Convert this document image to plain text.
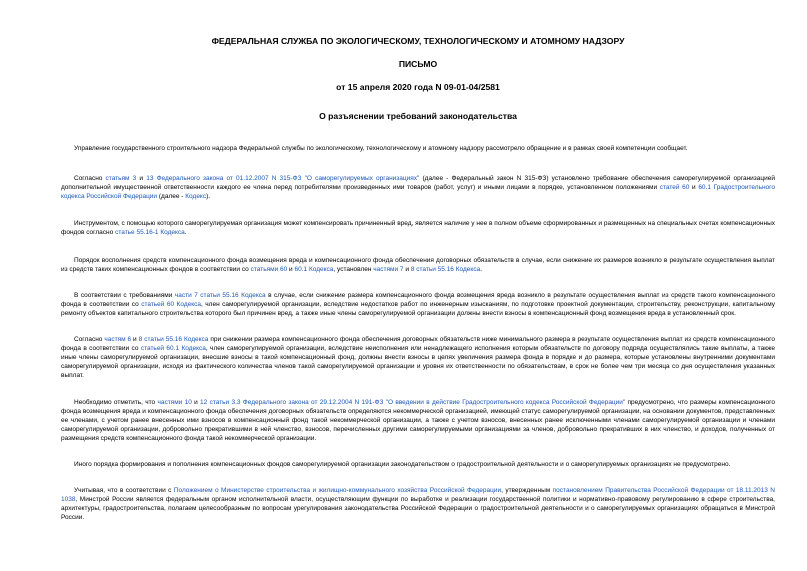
ФЕДЕРАЛЬНАЯ СЛУЖБА ПО ЭКОЛОГИЧЕСКОМУ, ТЕХНОЛОГИЧЕСКОМУ И АТОМНОМУ НАДЗОРУ
ПИСЬМО
от 15 апреля 2020 года N 09-01-04/2581
О разъяснении требований законодательства

Управление государственного строительного надзора Федеральной службы по экологическому, технологическому и атомному надзору рассмотрело обращение и в рамках своей компетенции сообщает.

Согласно статьям 3 и 13 Федерального закона от 01.12.2007 N 315-ФЗ "О саморегулируемых организациях" (далее - Федеральный закон N 315-ФЗ) установлено требование обеспечения саморегулируемой организацией дополнительной имущественной ответственности каждого ее члена перед потребителями произведенных ими товаров (работ, услуг) и иными лицами в порядке, установленном положениями статей 60 и 60.1 Градостроительного кодекса Российской Федерации (далее - Кодекс).

Инструментом, с помощью которого саморегулируемая организация может компенсировать причиненный вред, является наличие у нее в полном объеме сформированных и размещенных на специальных счетах компенсационных фондов согласно статье 55.16-1 Кодекса.

Порядок восполнения средств компенсационного фонда возмещения вреда и компенсационного фонда обеспечения договорных обязательств в случае, если снижение их размеров возникло в результате осуществления выплат из средств таких компенсационных фондов в соответствии со статьями 60 и 60.1 Кодекса, установлен частями 7 и 8 статьи 55.16 Кодекса.

В соответствии с требованиями части 7 статьи 55.16 Кодекса в случае, если снижение размера компенсационного фонда возмещения вреда возникло в результате осуществления выплат из средств такого компенсационного фонда в соответствии со статьей 60 Кодекса, член саморегулируемой организации, вследствие недостатков работ по инженерным изысканиям, по подготовке проектной документации, строительству, реконструкции, капитальному ремонту объектов капитального строительства которого был причинен вред, а также иные члены саморегулируемой организации должны внести взносы в компенсационный фонд возмещения вреда в установленный срок.

Согласно частям 6 и 8 статьи 55.16 Кодекса при снижении размера компенсационного фонда обеспечения договорных обязательств ниже минимального размера в результате осуществления выплат из средств компенсационного фонда в соответствии со статьей 60.1 Кодекса, член саморегулируемой организации, вследствие неисполнения или ненадлежащего исполнения которым обязательств по договору подряда осуществлялись такие выплаты, а также иные члены саморегулируемой организации, внесшие взносы в такой компенсационный фонд, должны внести взносы в целях увеличения размера фонда в порядке и до размера, которые установлены внутренними документами саморегулируемой организации, исходя из фактического количества членов такой саморегулируемой организации и уровня их ответственности по обязательствам, в срок не более чем три месяца со дня осуществления указанных выплат.

Необходимо отметить, что частями 10 и 12 статьи 3.3 Федерального закона от 29.12.2004 N 191-ФЗ "О введении в действие Градостроительного кодекса Российской Федерации" предусмотрено, что размеры компенсационного фонда возмещения вреда и компенсационного фонда обеспечения договорных обязательств определяются некоммерческой организацией, имеющей статус саморегулируемой организации, на основании документов, представленных ее членами, с учетом ранее внесенных ими взносов в компенсационный фонд такой некоммерческой организации, а также с учетом взносов, внесенных ранее исключенными членами саморегулируемой организации и членами саморегулируемой организации, добровольно прекратившими в ней членство, взносов, перечисленных другими саморегулируемыми организациями за членов, добровольно прекративших в них членство, и доходов, полученных от размещения средств компенсационного фонда такой некоммерческой организации.

Иного порядка формирования и пополнения компенсационных фондов саморегулируемой организации законодательством о градостроительной деятельности и о саморегулируемых организациях не предусмотрено.

Учитывая, что в соответствии с Положением о Министерстве строительства и жилищно-коммунального хозяйства Российской Федерации, утвержденным постановлением Правительства Российской Федерации от 18.11.2013 N 1038, Минстрой России является федеральным органом исполнительной власти, осуществляющим функции по выработке и реализации государственной политики и нормативно-правовому регулированию в сфере строительства, архитектуры, градостроительства, полагаем целесообразным по вопросам урегулирования законодательства Российской Федерации о градостроительной деятельности и о саморегулируемых организациях обращаться в Минстрой России.
